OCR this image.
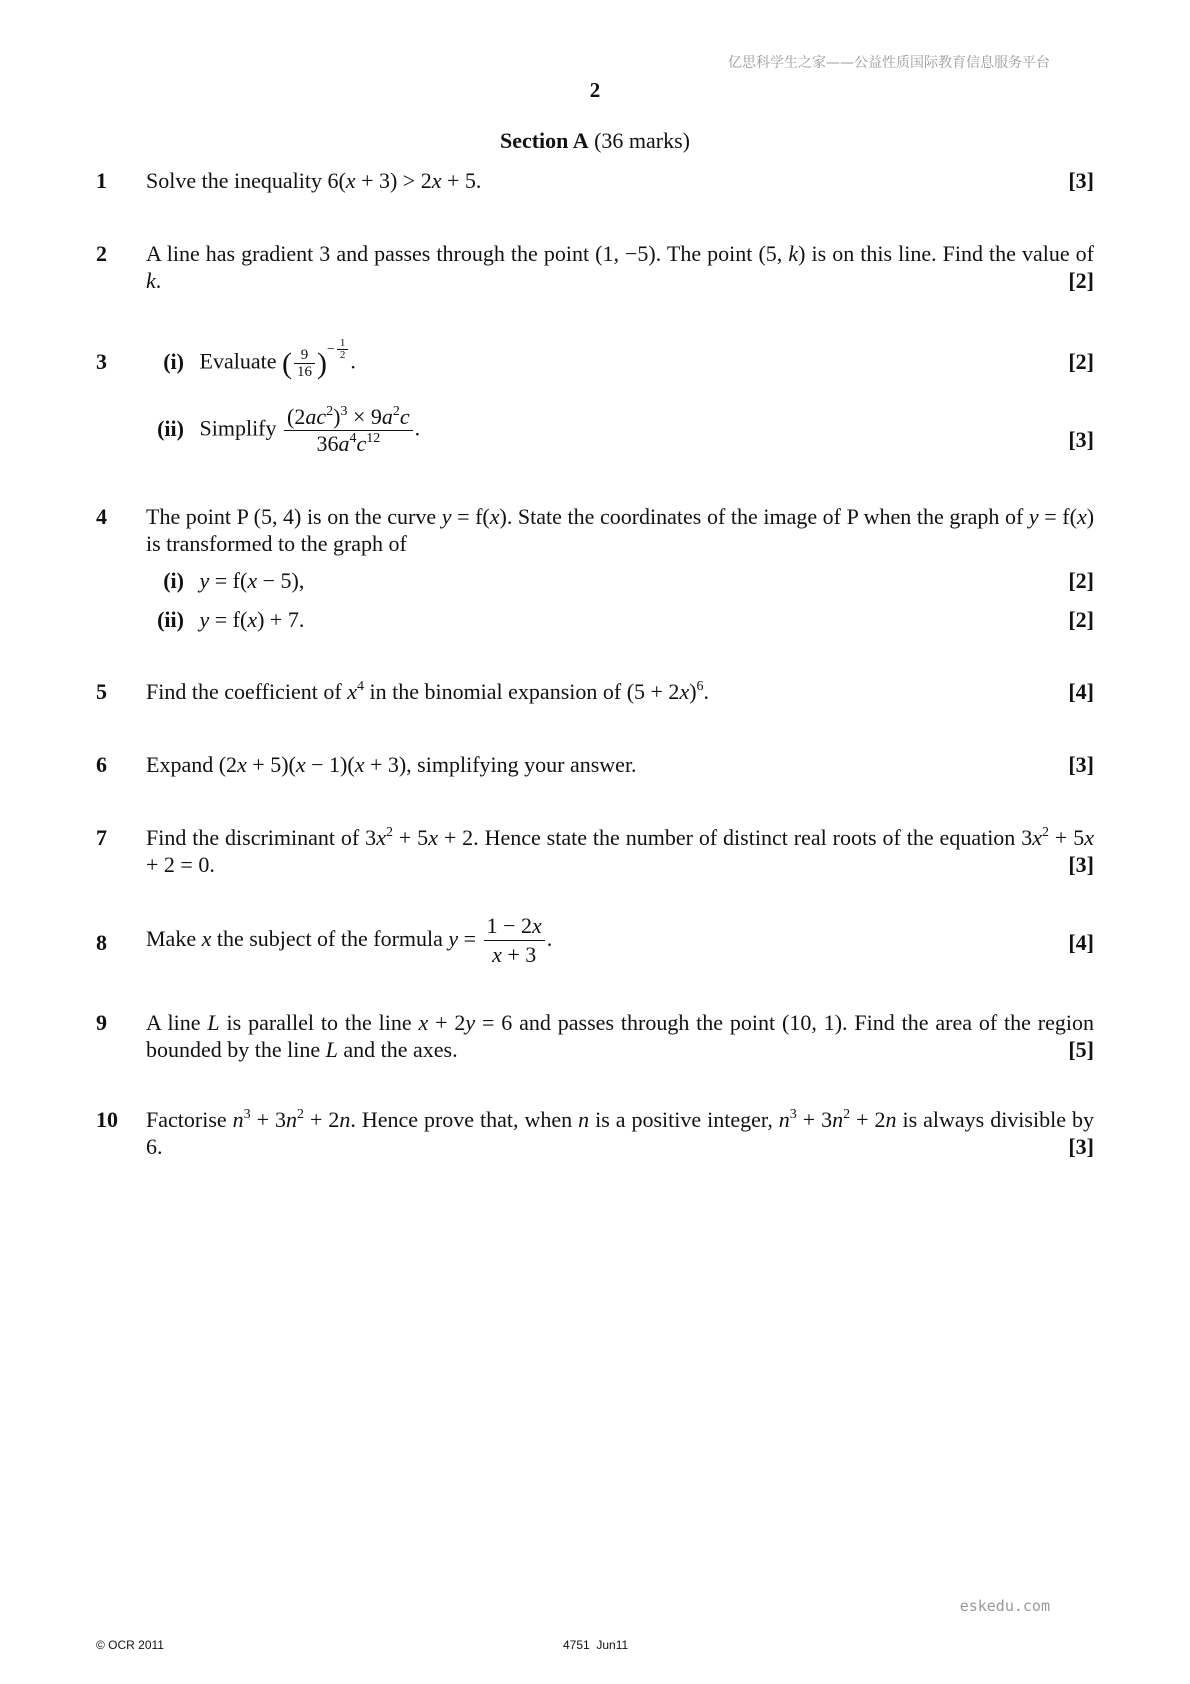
亿思科学生之家——公益性质国际教育信息服务平台
2
Section A (36 marks)
1	[3]
Solve the inequality 6(x + 3) > 2x + 5.
2	A line has gradient 3 and passes through the point (1, −5). The point (5, k) is on this line. Find the value of k.	[2]
3	(i) Evaluate ( $\frac{9}{16} )^{- \frac{1}{2}}$ .	[2]
(ii) Simplify $\frac{(2ac^2)^3 \times 9a^2c}{36a^4c^{12}}$ .	[3]
4	The point P (5, 4) is on the curve y = f(x). State the coordinates of the image of P when the graph of y = f(x) is transformed to the graph of
(i) y = f(x − 5),	[2]
(ii) y = f(x) + 7.	[2]
5	[4]
Find the coefficient of $x^4$ in the binomial expansion of $(5 + 2x)^6$.
6	[3]
Expand (2x + 5)(x − 1)(x + 3), simplifying your answer.
7	Find the discriminant of $3x^2 + 5x + 2$. Hence state the number of distinct real roots of the equation $3x^2 + 5x + 2 = 0$.	[3]
8	Make x the subject of the formula $y = \frac{1 - 2x}{x + 3}$ .	[4]
9	A line L is parallel to the line x + 2y = 6 and passes through the point (10, 1). Find the area of the region bounded by the line L and the axes.	[5]
10	Factorise $n^3 + 3n^2 + 2n$. Hence prove that, when n is a positive integer, $n^3 + 3n^2 + 2n$ is always divisible by 6.	[3]
eskedu.com
© OCR 2011	4751  Jun11
